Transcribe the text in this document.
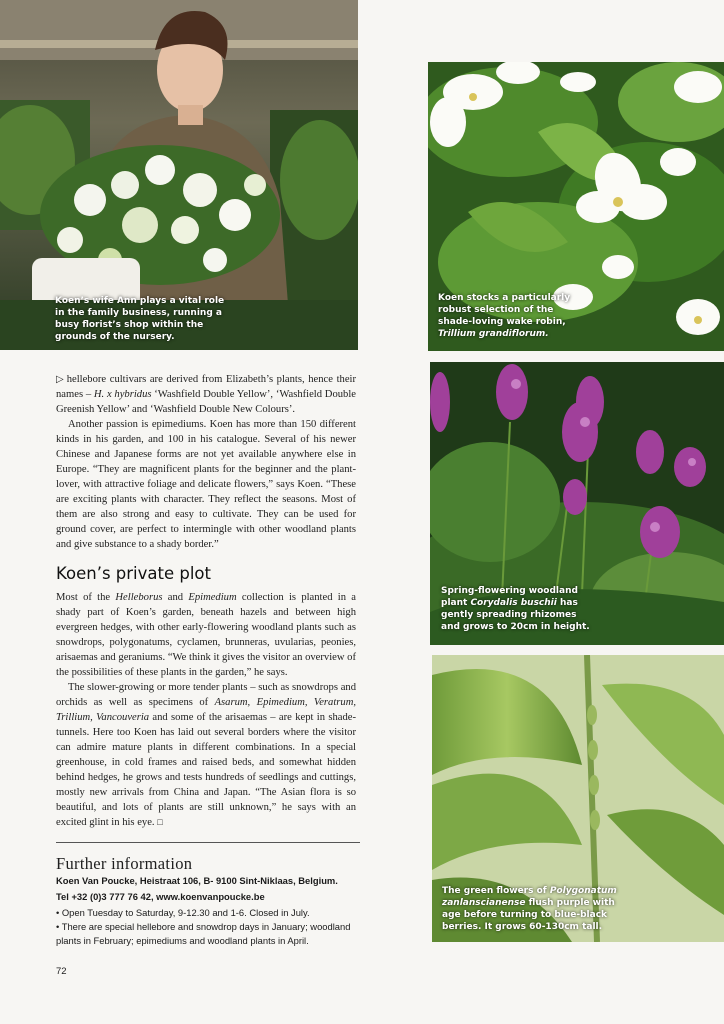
Koen’s wife Ann plays a vital role
in the family business, running a
busy florist’s shop within the
grounds of the nursery.
Koen stocks a particularly
robust selection of the
shade-loving wake robin,
Trillium grandiflorum.
Spring-flowering woodland
plant Corydalis buschii has
gently spreading rhizomes
and grows to 20cm in height.
The green flowers of Polygonatum
zanlanscianense flush purple with
age before turning to blue-black
berries. It grows 60-130cm tall.

▷ hellebore cultivars are derived from Elizabeth’s plants, hence their names – H. x hybridus ‘Washfield Double Yellow’, ‘Washfield Double Greenish Yellow’ and ‘Washfield Double New Colours’.

Another passion is epimediums. Koen has more than 150 different kinds in his garden, and 100 in his catalogue. Several of his newer Chinese and Japanese forms are not yet available anywhere else in Europe. “They are magnificent plants for the beginner and the plant-lover, with attractive foliage and delicate flowers,” says Koen. “These are exciting plants with character. They reflect the seasons. Most of them are also strong and easy to cultivate. They can be used for ground cover, are perfect to intermingle with other woodland plants and give substance to a shady border.”

Koen’s private plot

Most of the Helleborus and Epimedium collection is planted in a shady part of Koen’s garden, beneath hazels and between high evergreen hedges, with other early-flowering woodland plants such as snowdrops, polygonatums, cyclamen, brunneras, uvularias, peonies, arisaemas and geraniums. “We think it gives the visitor an overview of the possibilities of these plants in the garden,” he says.

The slower-growing or more tender plants – such as snowdrops and orchids as well as specimens of Asarum, Epimedium, Veratrum, Trillium, Vancouveria and some of the arisaemas – are kept in shade-tunnels. Here too Koen has laid out several borders where the visitor can admire mature plants in different combinations. In a special greenhouse, in cold frames and raised beds, and somewhat hidden behind hedges, he grows and tests hundreds of seedlings and cuttings, mostly new arrivals from China and Japan. “The Asian flora is so beautiful, and lots of plants are still unknown,” he says with an excited glint in his eye. □

Further information
Koen Van Poucke, Heistraat 106, B- 9100 Sint-Niklaas, Belgium.
Tel +32 (0)3 777 76 42, www.koenvanpoucke.be
• Open Tuesday to Saturday, 9-12.30 and 1-6. Closed in July.
• There are special hellebore and snowdrop days in January; woodland plants in February; epimediums and woodland plants in April.
72
